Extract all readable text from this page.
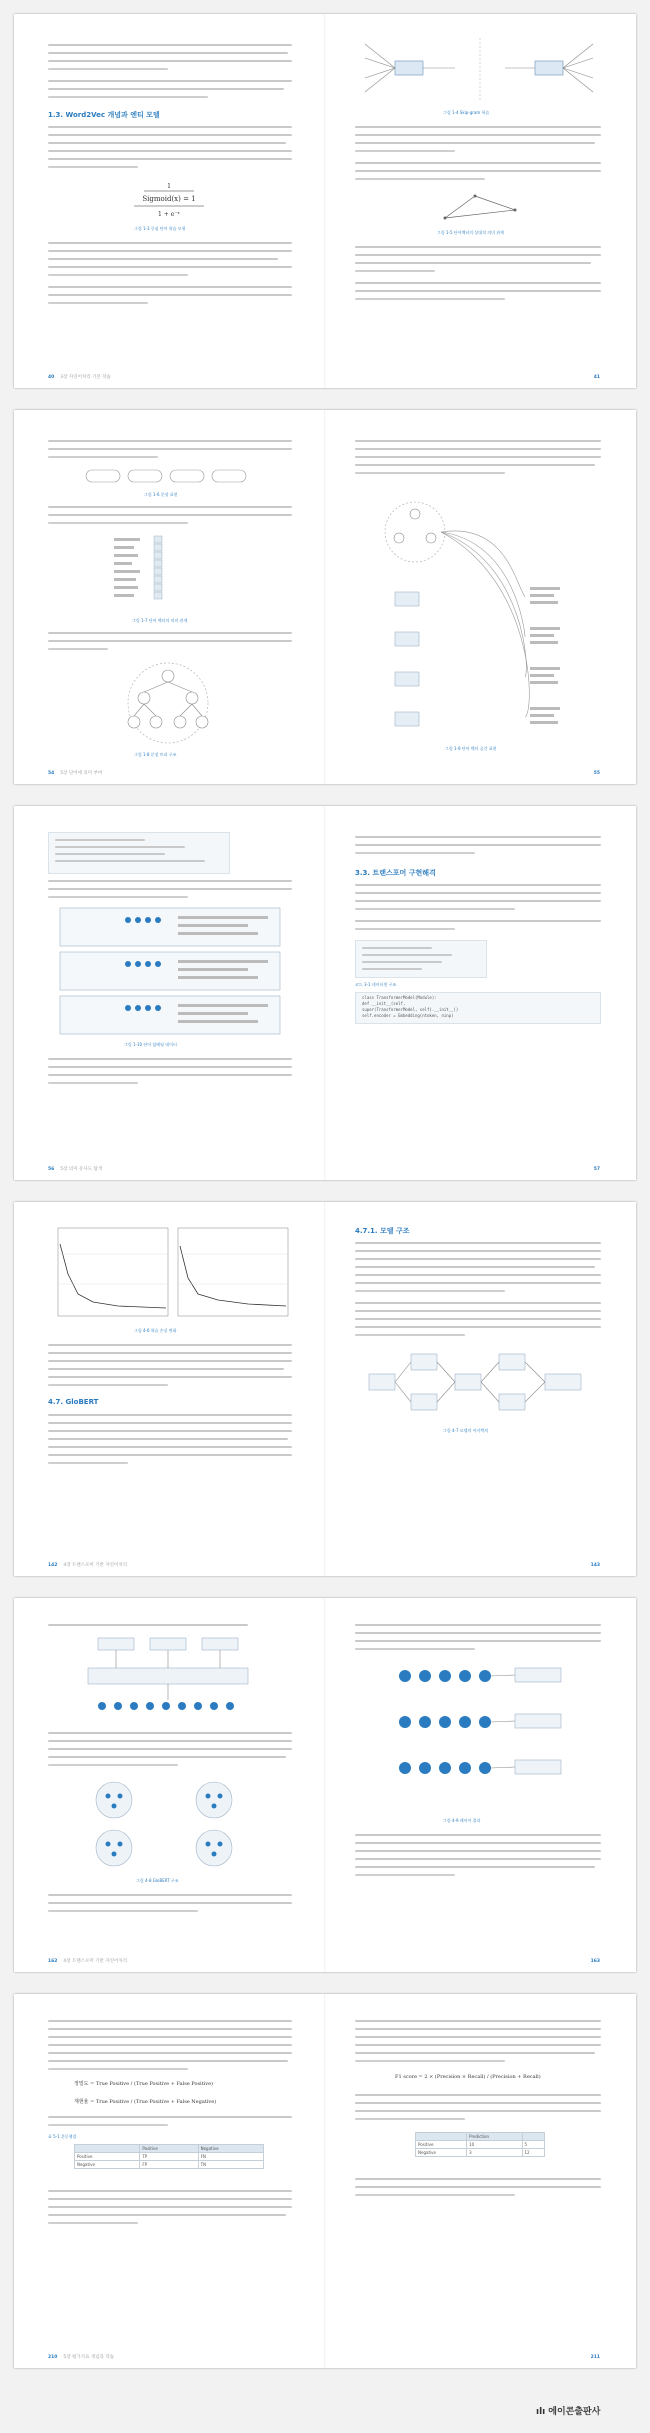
1.3. Word2Vec 개념과 엔티 모델
1
Sigmoid(x) = 1
1 + e⁻ˣ
그림 1-3 중심 단어 학습 모형
40 3장 자연어처리 기본 학습
그림 1-4 Skip-gram 학습
그림 1-5 단어벡터의 상대적 의미 관계
41
그림 1-6 문장 표현
그림 1-7 단어 벡터의 의미 관계
그림 1-8 문장 트리 구조
54 5장 단어에 의미 부여
그림 1-9 단어 벡터 공간 표현
55
그림 1-10 단어 임베딩 데이터
56 5장 의미 유사도 탐색
3.3. 트랜스포머 구현해격
코드 3-1 데이터셋 구조
class TransformerModel(Module):
def __init__(self,
super(TransformerModel, self).__init__()
self.encoder = Embedding(ntoken, ninp)
57
그림 4-6 학습 손실 변화
4.7. GloBERT
142 4장 트랜스포머 기반 자연어처리
4.7.1. 모델 구조
그림 4-7 모델의 아키텍처
143
그림 4-8 GloBERT 구조
162 4장 트랜스포머 기반 자연어처리
그림 4-9 레이어 결과
163
정밀도 = True Positive / (True Positive + False Positive)
재현율 = True Positive / (True Positive + False Negative)
표 5-1 혼동행렬
	Positive	Negative
Positive	TP	FN
Negative	FP	TN
210 5장 평가지표 개념과 학습
F1 score = 2 × (Precision × Recall) / (Precision + Recall)
	Prediction	
Positive	10	5
Negative	3	12
211
ılı 에이콘출판사
